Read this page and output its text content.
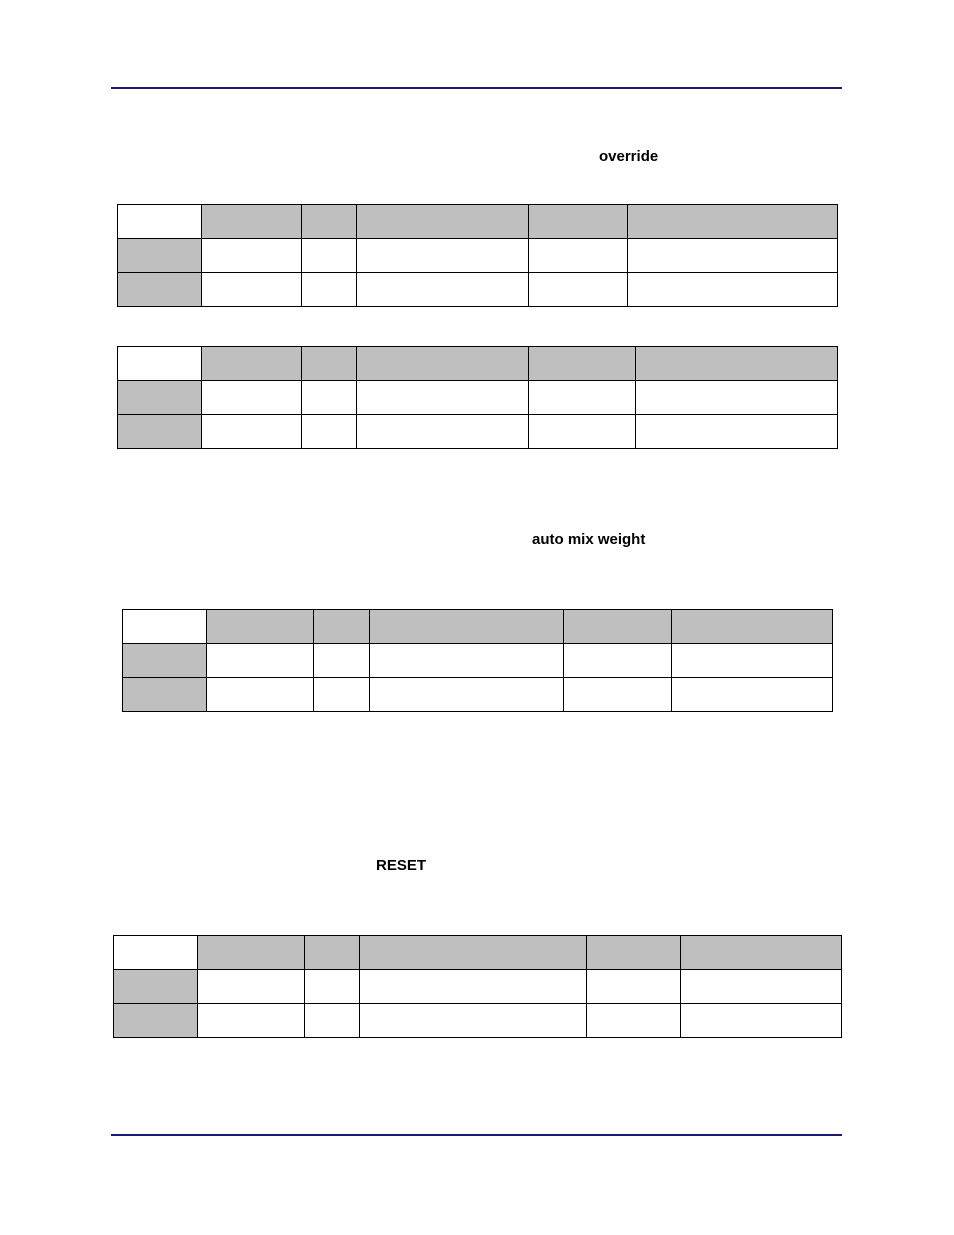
override

auto mix weight

RESET
